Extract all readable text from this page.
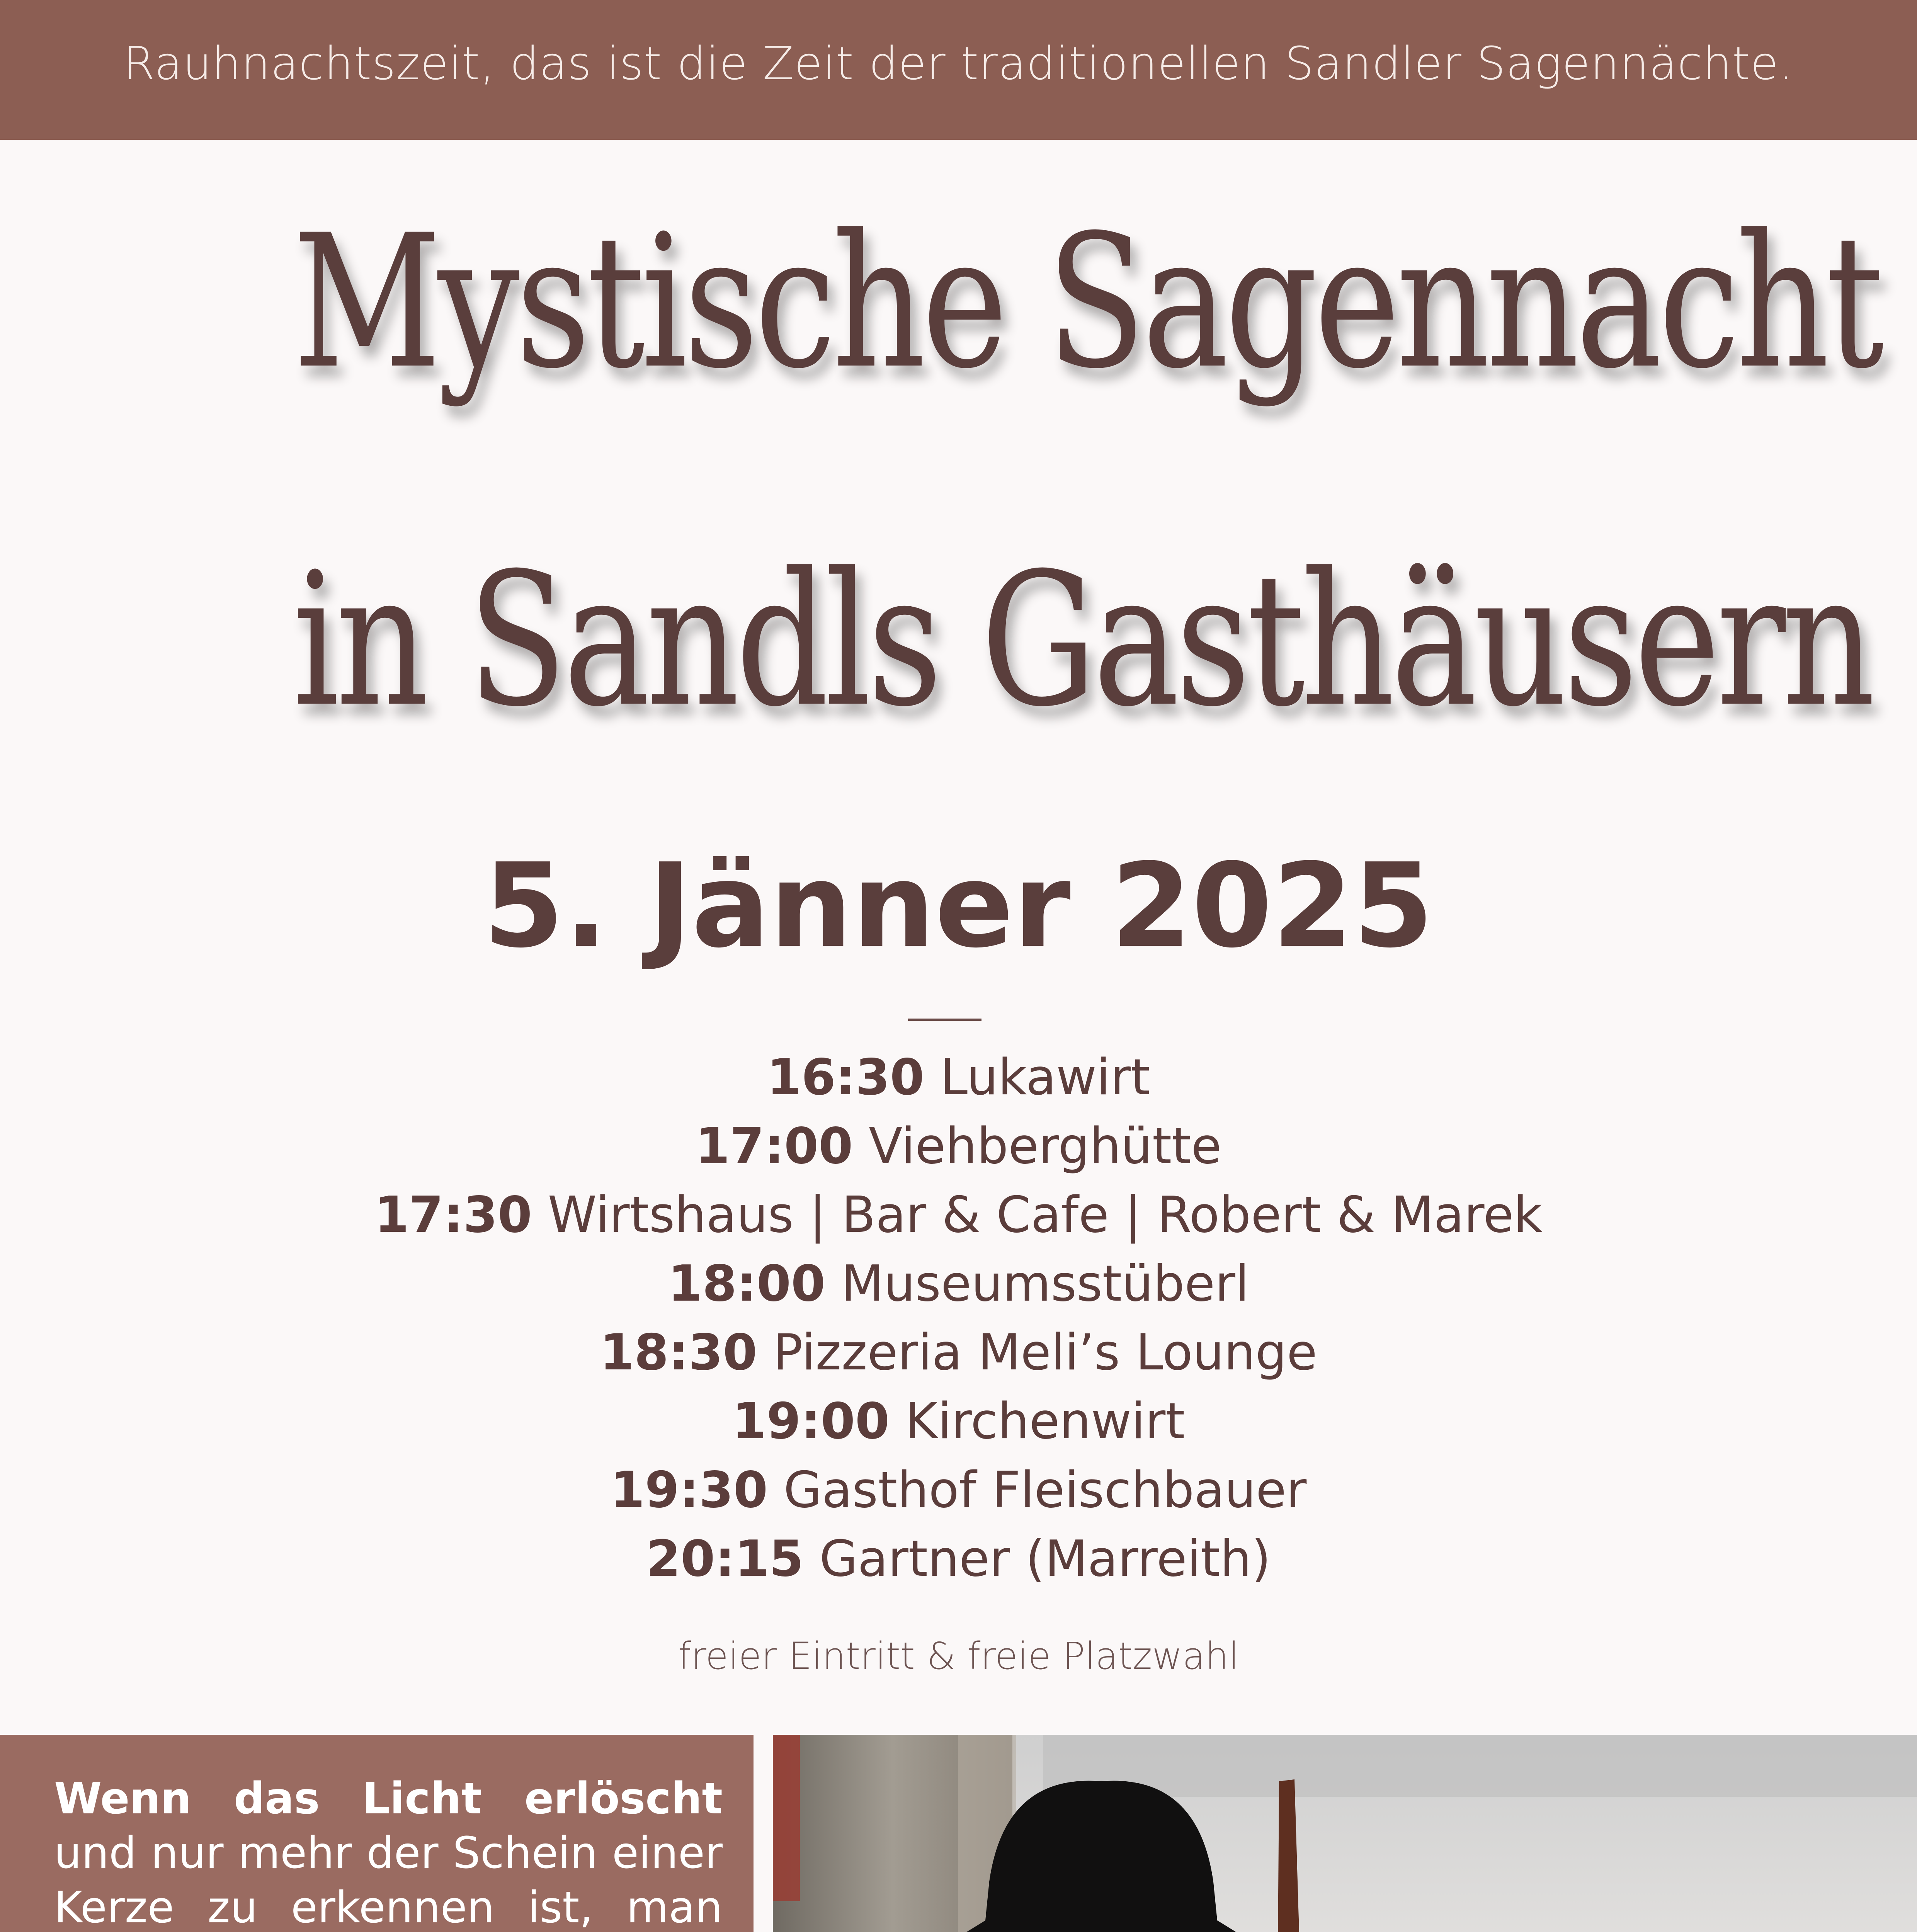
Rauhnachtszeit, das ist die Zeit der traditionellen Sandler Sagennächte.
Mystische Sagennacht
in Sandls Gasthäusern
5. Jänner 2025
16:30 Lukawirt
17:00 Viehberghütte
17:30 Wirtshaus | Bar & Cafe | Robert & Marek
18:00 Museumsstüberl
18:30 Pizzeria Meli’s Lounge
19:00 Kirchenwirt
19:30 Gasthof Fleischbauer
20:15 Gartner (Marreith)
freier Eintritt & freie Platzwahl

Wenn das Licht erlöscht und nur mehr der Schein einer Kerze zu erkennen ist, man
